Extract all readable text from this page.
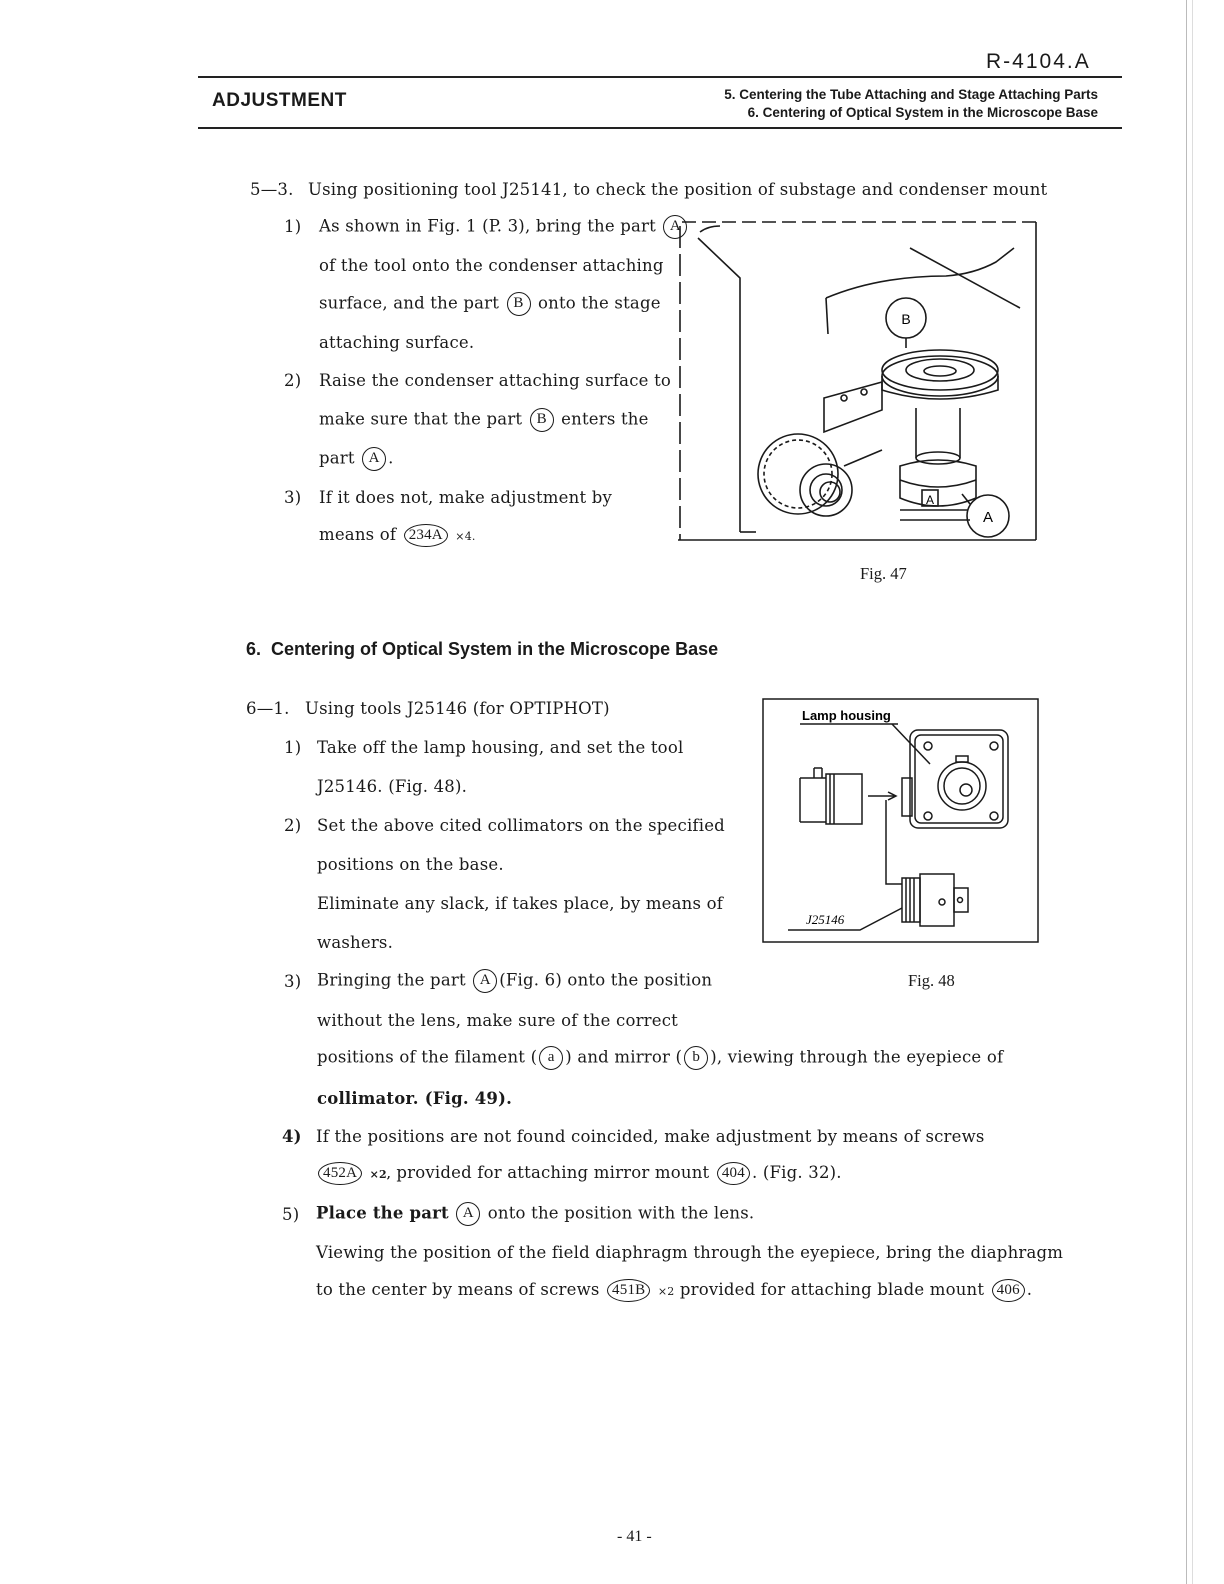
R-4104.A
ADJUSTMENT	5. Centering the Tube Attaching and Stage Attaching Parts
6. Centering of Optical System in the Microscope Base
5—3. Using positioning tool J25141, to check the position of substage and condenser mount
1) As shown in Fig. 1 (P. 3), bring the part A
of the tool onto the condenser attaching
surface, and the part B onto the stage
attaching surface.
2) Raise the condenser attaching surface to
make sure that the part B enters the
part A .
3) If it does not, make adjustment by
means of 234A ×4.
B
A
A
Fig. 47
6.  Centering of Optical System in the Microscope Base
6—1. Using tools J25146 (for OPTIPHOT)
1) Take off the lamp housing, and set the tool
J25146. (Fig. 48).
2) Set the above cited collimators on the specified
positions on the base.
Eliminate any slack, if takes place, by means of
washers.
3) Bringing the part A (Fig. 6) onto the position
without the lens, make sure of the correct
positions of the filament ( a ) and mirror ( b ), viewing through the eyepiece of
collimator. (Fig. 49).
4) If the positions are not found coincided, make adjustment by means of screws
452A ×2, provided for attaching mirror mount 404 . (Fig. 32).
5) Place the part A onto the position with the lens.
Viewing the position of the field diaphragm through the eyepiece, bring the diaphragm
to the center by means of screws 451B ×2 provided for attaching blade mount 406 .
Lamp housing
J25146
Fig. 48
- 41 -
